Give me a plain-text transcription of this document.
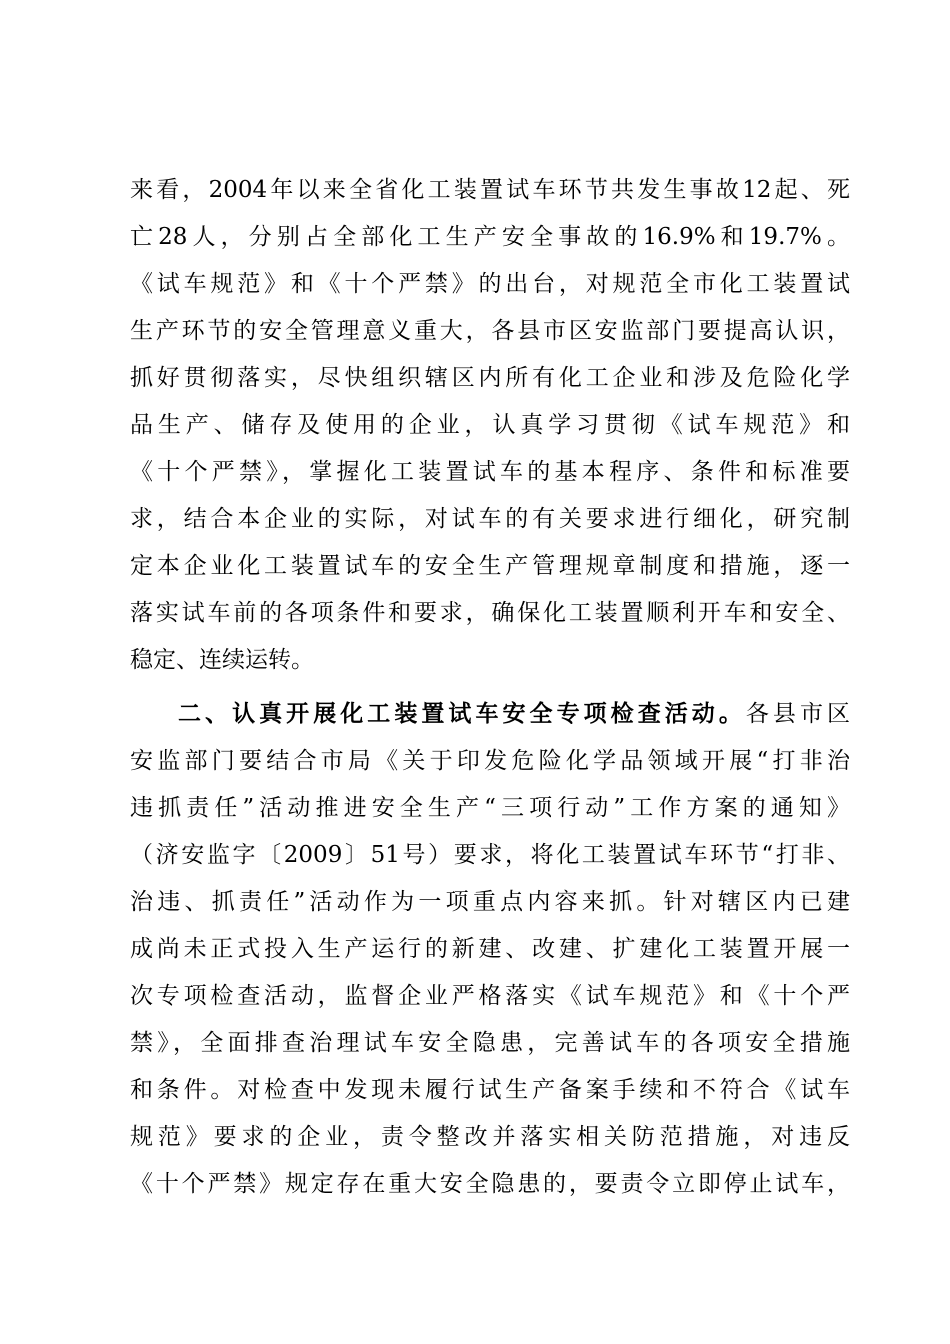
来看，2004年以来全省化工装置试车环节共发生事故12起、死
亡28人，分别占全部化工生产安全事故的16.9%和19.7%。
《试车规范》和《十个严禁》的出台，对规范全市化工装置试
生产环节的安全管理意义重大，各县市区安监部门要提高认识，
抓好贯彻落实，尽快组织辖区内所有化工企业和涉及危险化学
品生产、储存及使用的企业，认真学习贯彻《试车规范》和
《十个严禁》，掌握化工装置试车的基本程序、条件和标准要
求，结合本企业的实际，对试车的有关要求进行细化，研究制
定本企业化工装置试车的安全生产管理规章制度和措施，逐一
落实试车前的各项条件和要求，确保化工装置顺利开车和安全、
稳定、连续运转。
二、认真开展化工装置试车安全专项检查活动。各县市区
安监部门要结合市局《关于印发危险化学品领域开展“打非治
违抓责任”活动推进安全生产“三项行动”工作方案的通知》
（济安监字〔2009〕51号）要求，将化工装置试车环节“打非、
治违、抓责任”活动作为一项重点内容来抓。针对辖区内已建
成尚未正式投入生产运行的新建、改建、扩建化工装置开展一
次专项检查活动，监督企业严格落实《试车规范》和《十个严
禁》，全面排查治理试车安全隐患，完善试车的各项安全措施
和条件。对检查中发现未履行试生产备案手续和不符合《试车
规范》要求的企业，责令整改并落实相关防范措施，对违反
《十个严禁》规定存在重大安全隐患的，要责令立即停止试车，
